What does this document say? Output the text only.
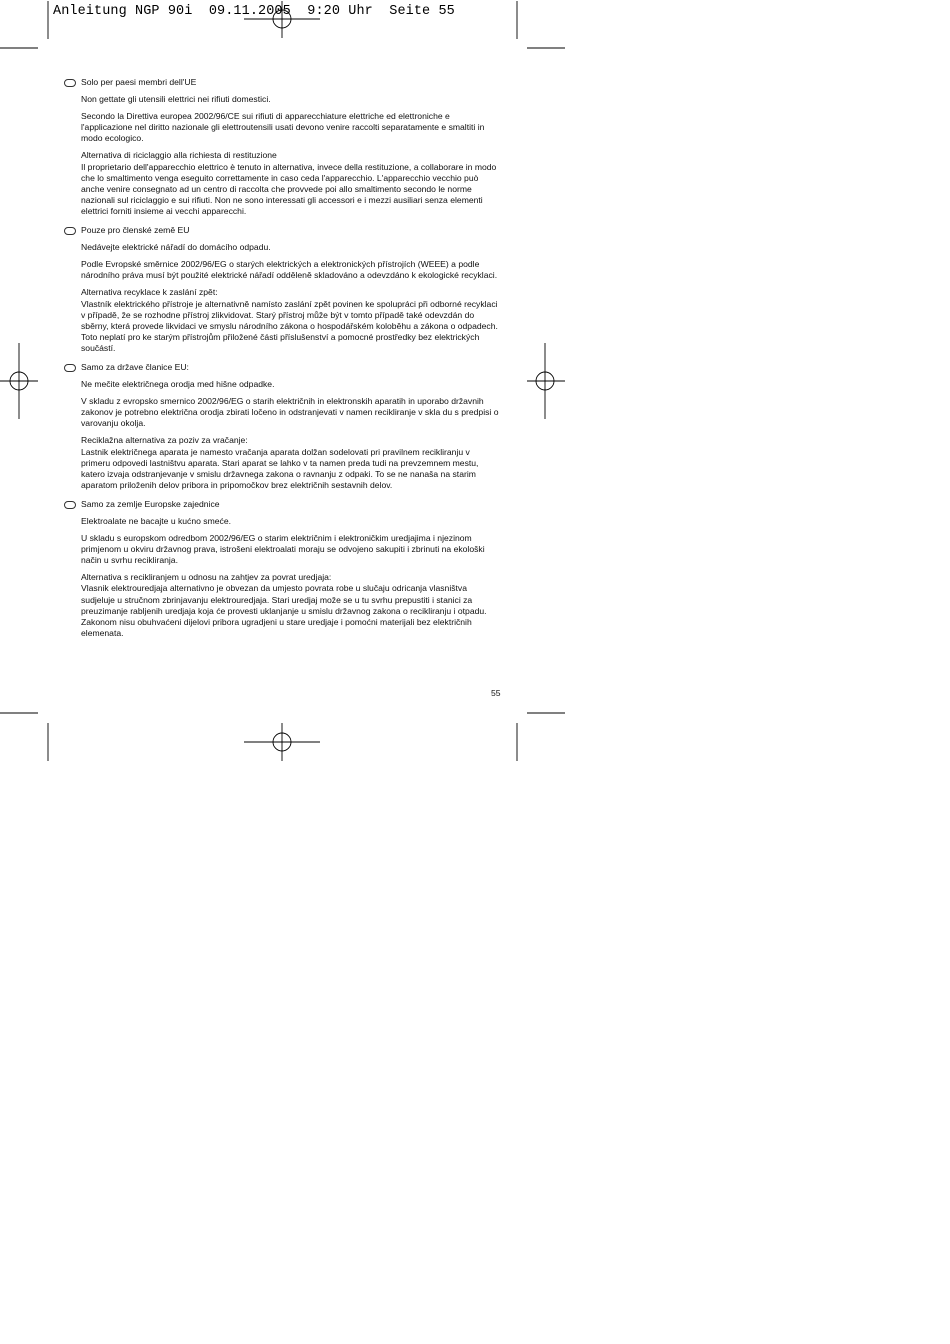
Anleitung NGP 90i  09.11.2005  9:20 Uhr  Seite 55

Solo per paesi membri dell'UE

Non gettate gli utensili elettrici nei rifiuti domestici.

Secondo la Direttiva europea 2002/96/CE sui rifiuti di apparecchiature elettriche ed elettroniche e l'applicazione nel diritto nazionale gli elettroutensili usati devono venire raccolti separatamente e smaltiti in modo ecologico.

Alternativa di riciclaggio alla richiesta di restituzione

Il proprietario dell'apparecchio elettrico è tenuto in alternativa, invece della restituzione, a collaborare in modo che lo smaltimento venga eseguito correttamente in caso ceda l'apparecchio. L'apparecchio vecchio può anche venire consegnato ad un centro di raccolta che provvede poi allo smaltimento secondo le norme nazionali sul riciclaggio e sui rifiuti. Non ne sono interessati gli accessori e i mezzi ausiliari senza elementi elettrici forniti insieme ai vecchi apparecchi.

Pouze pro členské země EU

Nedávejte elektrické nářadí do domácího odpadu.

Podle Evropské směrnice 2002/96/EG o starých elektrických a elektronických přístrojích (WEEE) a podle národního práva musí být použité elektrické nářadí odděleně skladováno a odevzdáno k ekologické recyklaci.

Alternativa recyklace k zaslání zpět:

Vlastník elektrického přístroje je alternativně namísto zaslání zpět povinen ke spolupráci při odborné recyklaci v případě, že se rozhodne přístroj zlikvidovat. Starý přístroj může být v tomto případě také odevzdán do sběrny, která provede likvidaci ve smyslu národního zákona o hospodářském koloběhu a zákona o odpadech. Toto neplatí pro ke starým přístrojům přiložené části příslušenství a pomocné prostředky bez elektrických součástí.

Samo za države članice EU:

Ne mečite električnega orodja med hišne odpadke.

V skladu z evropsko smernico 2002/96/EG o starih električnih in elektronskih aparatih in uporabo državnih zakonov je potrebno električna orodja zbirati ločeno in odstranjevati v namen recikliranje v skla du s predpisi o varovanju okolja.

Reciklažna alternativa za poziv za vračanje:

Lastnik električnega aparata je namesto vračanja aparata dolžan sodelovati pri pravilnem recikliranju v primeru odpovedi lastništvu aparata. Stari aparat se lahko v ta namen preda tudi na prevzemnem mestu, katero izvaja odstranjevanje v smislu državnega zakona o ravnanju z odpaki. To se ne nanaša na starim aparatom priloženih delov pribora in pripomočkov brez električnih sestavnih delov.

Samo za zemlje Europske zajednice

Elektroalate ne bacajte u kućno smeće.

U skladu s europskom odredbom 2002/96/EG o starim električnim i elektroničkim uredjajima i njezinom primjenom u okviru državnog prava, istrošeni elektroalati moraju se odvojeno sakupiti i zbrinuti na ekološki način u svrhu recikliranja.

Alternativa s recikliranjem u odnosu na zahtjev za povrat uredjaja:

Vlasnik elektrouredjaja alternativno je obvezan da umjesto povrata robe u slučaju odricanja vlasništva sudjeluje u stručnom zbrinjavanju elektrouredjaja. Stari uredjaj može se u tu svrhu prepustiti i stanici za preuzimanje rabljenih uredjaja koja će provesti uklanjanje u smislu državnog zakona o recikliranju i otpadu. Zakonom nisu obuhvaćeni dijelovi pribora ugradjeni u stare uredjaje i pomoćni materijali bez električnih elemenata.

55
